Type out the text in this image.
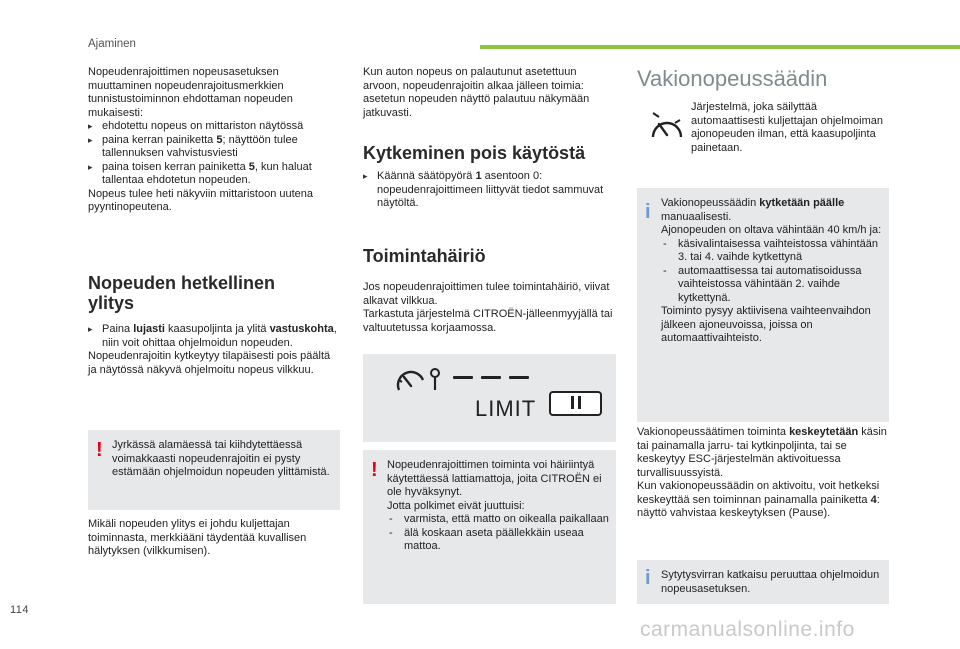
Ajaminen
Nopeudenrajoittimen nopeusasetuksen
muuttaminen nopeudenrajoitusmerkkien
tunnistustoiminnon ehdottaman nopeuden
mukaisesti:
▸ ehdotettu nopeus on mittariston näytössä
▸ paina kerran painiketta 5; näyttöön tulee tallennuksen vahvistusviesti
▸ paina toisen kerran painiketta 5, kun haluat tallentaa ehdotetun nopeuden.
Nopeus tulee heti näkyviin mittaristoon uutena pyyntinopeutena.
Nopeuden hetkellinen
ylitys
▸ Paina lujasti kaasupoljinta ja ylitä vastuskohta, niin voit ohittaa ohjelmoidun nopeuden.
Nopeudenrajoitin kytkeytyy tilapäisesti pois päältä ja näytössä näkyvä ohjelmoitu nopeus vilkkuu.
! Jyrkässä alamäessä tai kiihdytettäessä voimakkaasti nopeudenrajoitin ei pysty estämään ohjelmoidun nopeuden ylittämistä.
Mikäli nopeuden ylitys ei johdu kuljettajan toiminnasta, merkkiääni täydentää kuvallisen hälytyksen (vilkkumisen).
Kun auton nopeus on palautunut asetettuun arvoon, nopeudenrajoitin alkaa jälleen toimia: asetetun nopeuden näyttö palautuu näkymään jatkuvasti.
Kytkeminen pois käytöstä
▸ Käännä säätöpyörä 1 asentoon 0: nopeudenrajoittimeen liittyvät tiedot sammuvat näytöltä.
Toimintahäiriö
Jos nopeudenrajoittimen tulee toimintahäiriö, viivat alkavat vilkkua.
Tarkastuta järjestelmä CITROËN-jälleenmyyjällä tai valtuutetussa korjaamossa.
LIMIT
! Nopeudenrajoittimen toiminta voi häiriintyä käytettäessä lattiamattoja, joita CITROËN ei ole hyväksynyt.
Jotta polkimet eivät juuttuisi:
- varmista, että matto on oikealla paikallaan
- älä koskaan aseta päällekkäin useaa mattoa.
Vakionopeussäädin
Järjestelmä, joka säilyttää automaattisesti kuljettajan ohjelmoiman ajonopeuden ilman, että kaasupoljinta painetaan.
i Vakionopeussäädin kytketään päälle manuaalisesti.
Ajonopeuden on oltava vähintään 40 km/h ja:
- käsivalintaisessa vaihteistossa vähintään 3. tai 4. vaihde kytkettynä
- automaattisessa tai automatisoidussa vaihteistossa vähintään 2. vaihde kytkettynä.
Toiminto pysyy aktiivisena vaihteenvaihdon jälkeen ajoneuvoissa, joissa on automaattivaihteisto.
Vakionopeussäätimen toiminta keskeytetään käsin tai painamalla jarru- tai kytkinpoljinta, tai se keskeytyy ESC-järjestelmän aktivoituessa turvallisuussyistä.
Kun vakionopeussäädin on aktivoitu, voit hetkeksi keskeyttää sen toiminnan painamalla painiketta 4: näyttö vahvistaa keskeytyksen (Pause).
i Sytytysvirran katkaisu peruuttaa ohjelmoidun nopeusasetuksen.
114
carmanualsonline.info
